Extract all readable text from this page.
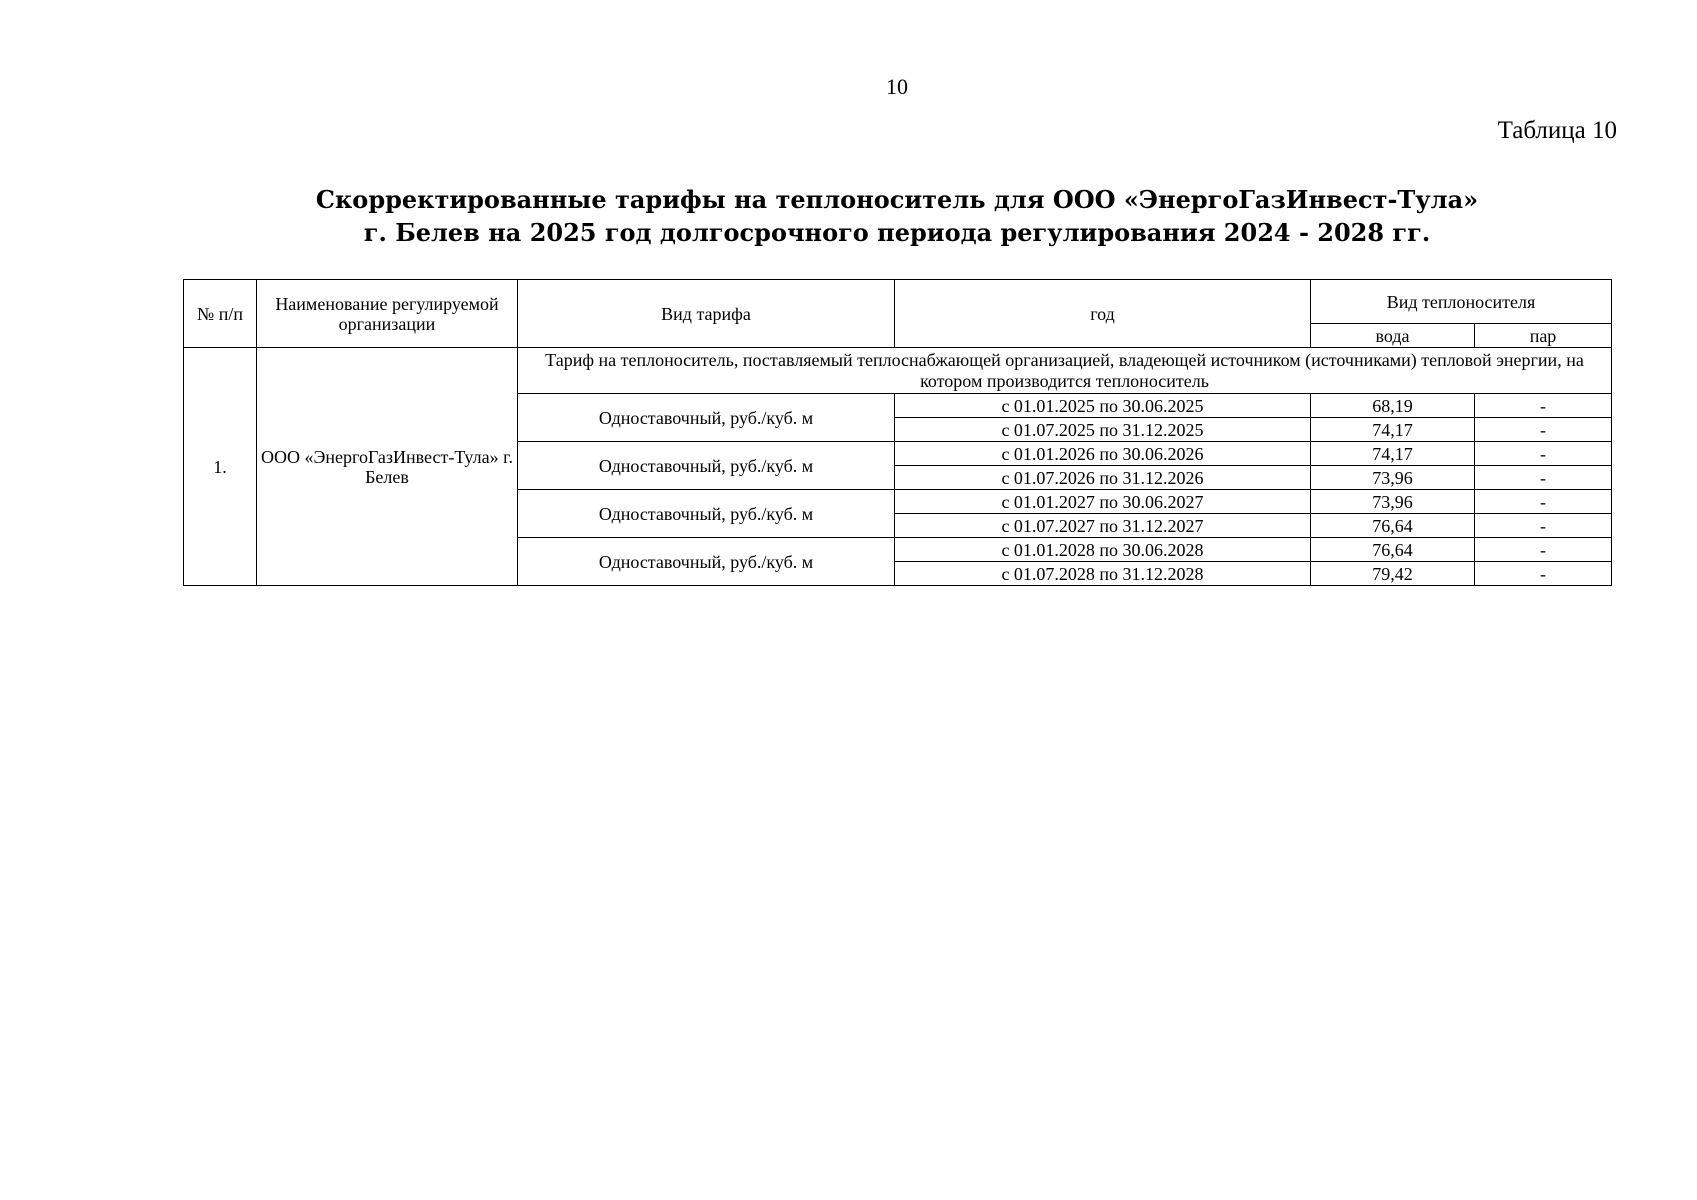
10
Таблица 10
Скорректированные тарифы на теплоноситель для ООО «ЭнергоГазИнвест-Тула»
г. Белев на 2025 год долгосрочного периода регулирования 2024 - 2028 гг.
№ п/п	Наименование регулируемой организации	Вид тарифа	год	Вид теплоносителя	
				вода	пар
1.	ООО «ЭнергоГазИнвест-Тула» г. Белев	Тариф на теплоноситель, поставляемый теплоснабжающей организацией, владеющей источником (источниками) тепловой энергии, на котором производится теплоноситель			
		Одноставочный, руб./куб. м	с 01.01.2025 по 30.06.2025	68,19	-
			с 01.07.2025 по 31.12.2025	74,17	-
		Одноставочный, руб./куб. м	с 01.01.2026 по 30.06.2026	74,17	-
			с 01.07.2026 по 31.12.2026	73,96	-
		Одноставочный, руб./куб. м	с 01.01.2027 по 30.06.2027	73,96	-
			с 01.07.2027 по 31.12.2027	76,64	-
		Одноставочный, руб./куб. м	с 01.01.2028 по 30.06.2028	76,64	-
			с 01.07.2028 по 31.12.2028	79,42	-
